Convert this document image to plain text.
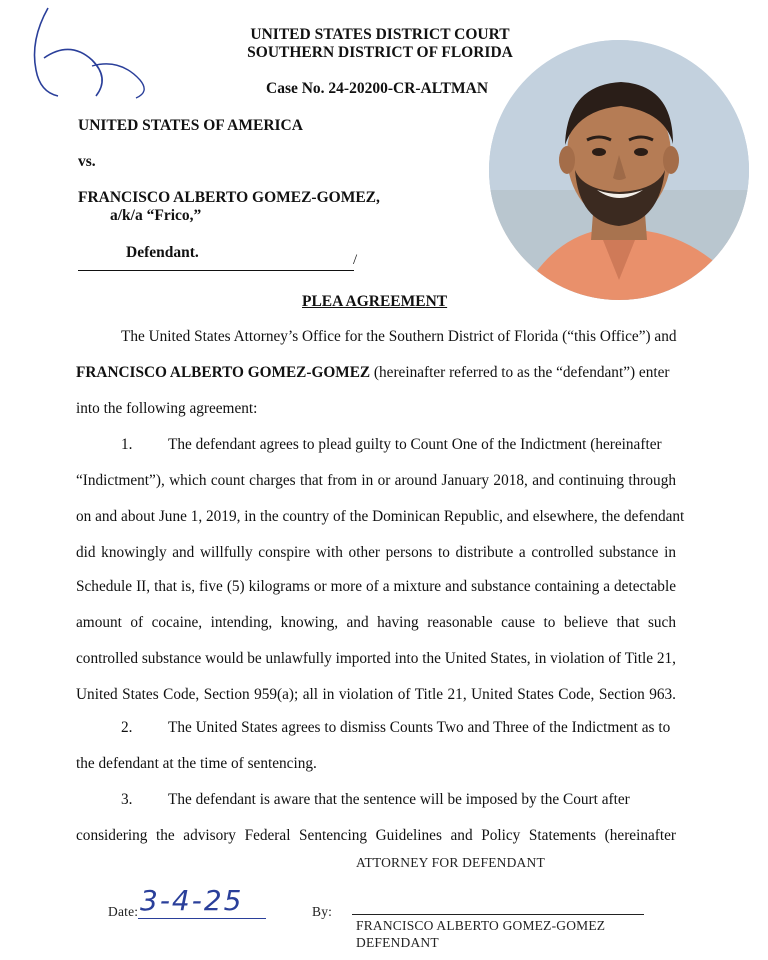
UNITED STATES DISTRICT COURT
SOUTHERN DISTRICT OF FLORIDA
Case No. 24-20200-CR-ALTMAN
UNITED STATES OF AMERICA
vs.
FRANCISCO ALBERTO GOMEZ-GOMEZ,
a/k/a “Frico,”
Defendant.	/
PLEA AGREEMENT
The United States Attorney’s Office for the Southern District of Florida (“this Office”) and
FRANCISCO ALBERTO GOMEZ-GOMEZ (hereinafter referred to as the “defendant”) enter
into the following agreement:
1. The defendant agrees to plead guilty to Count One of the Indictment (hereinafter
“Indictment”), which count charges that from in or around January 2018, and continuing through
on and about June 1, 2019, in the country of the Dominican Republic, and elsewhere, the defendant
did knowingly and willfully conspire with other persons to distribute a controlled substance in
Schedule II, that is, five (5) kilograms or more of a mixture and substance containing a detectable
amount of cocaine, intending, knowing, and having reasonable cause to believe that such
controlled substance would be unlawfully imported into the United States, in violation of Title 21,
United States Code, Section 959(a); all in violation of Title 21, United States Code, Section 963.
2. The United States agrees to dismiss Counts Two and Three of the Indictment as to
the defendant at the time of sentencing.
3. The defendant is aware that the sentence will be imposed by the Court after
considering the advisory Federal Sentencing Guidelines and Policy Statements (hereinafter
ATTORNEY FOR DEFENDANT
Date: 3-4-25	By:
FRANCISCO ALBERTO GOMEZ-GOMEZ
DEFENDANT
